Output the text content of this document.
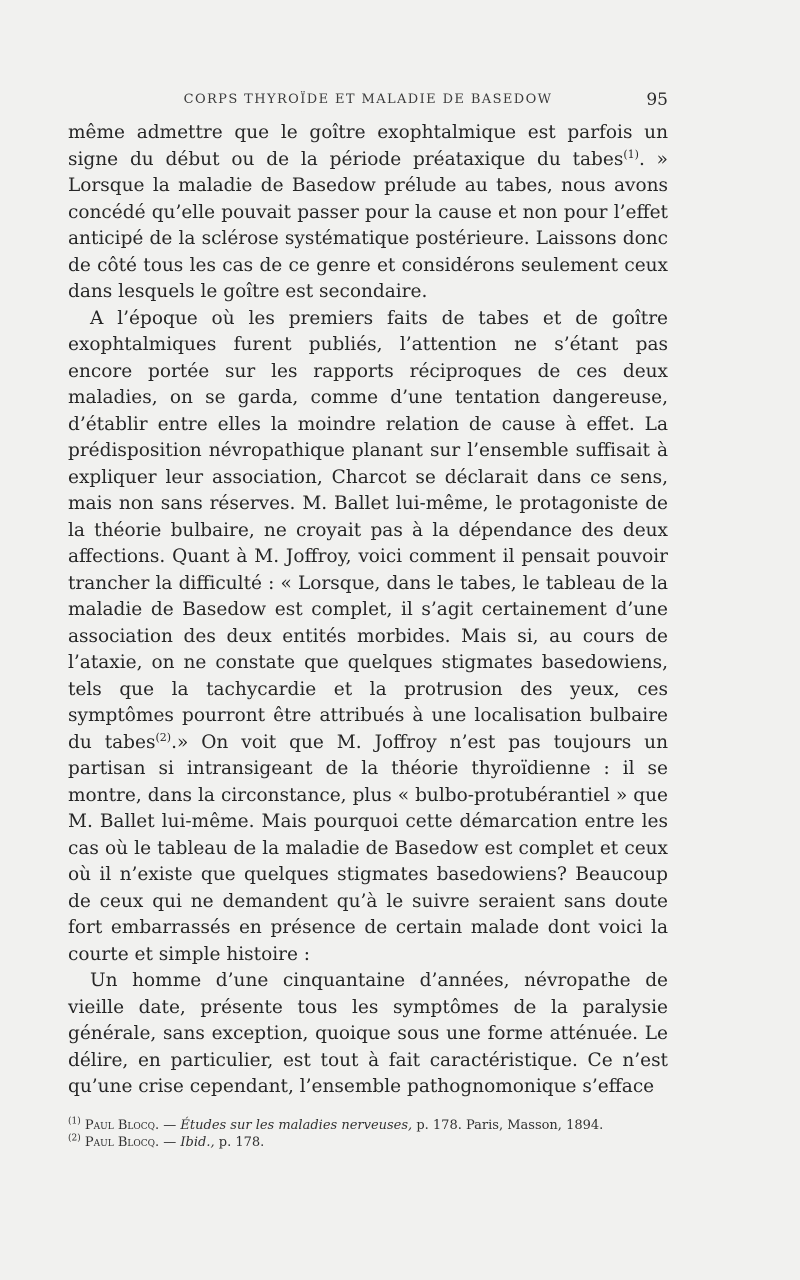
CORPS THYROÏDE ET MALADIE DE BASEDOW	95

même admettre que le goître exophtalmique est parfois un signe du début ou de la période préataxique du tabes$^{(1)}$. » Lorsque la maladie de Basedow prélude au tabes, nous avons concédé qu’elle pouvait passer pour la cause et non pour l’effet anticipé de la sclérose systématique postérieure. Laissons donc de côté tous les cas de ce genre et considérons seulement ceux dans lesquels le goître est secondaire.

A l’époque où les premiers faits de tabes et de goître exophtalmiques furent publiés, l’attention ne s’étant pas encore portée sur les rapports réciproques de ces deux maladies, on se garda, comme d’une tentation dangereuse, d’établir entre elles la moindre relation de cause à effet. La prédisposition névropathique planant sur l’ensemble suffisait à expliquer leur association, Charcot se déclarait dans ce sens, mais non sans réserves. M. Ballet lui-même, le protagoniste de la théorie bulbaire, ne croyait pas à la dépendance des deux affections. Quant à M. Joffroy, voici comment il pensait pouvoir trancher la difficulté : « Lorsque, dans le tabes, le tableau de la maladie de Basedow est complet, il s’agit certainement d’une association des deux entités morbides. Mais si, au cours de l’ataxie, on ne constate que quelques stigmates basedowiens, tels que la tachycardie et la protrusion des yeux, ces symptômes pourront être attribués à une localisation bulbaire du tabes$^{(2)}$.» On voit que M. Joffroy n’est pas toujours un partisan si intransigeant de la théorie thyroïdienne : il se montre, dans la circonstance, plus « bulbo-protubérantiel » que M. Ballet lui-même. Mais pourquoi cette démarcation entre les cas où le tableau de la maladie de Basedow est complet et ceux où il n’existe que quelques stigmates basedowiens? Beaucoup de ceux qui ne demandent qu’à le suivre seraient sans doute fort embarrassés en présence de certain malade dont voici la courte et simple histoire :

Un homme d’une cinquantaine d’années, névropathe de vieille date, présente tous les symptômes de la paralysie générale, sans exception, quoique sous une forme atténuée. Le délire, en particulier, est tout à fait caractéristique. Ce n’est qu’une crise cependant, l’ensemble pathognomonique s’efface

$^{(1)}$ Paul Blocq. — Études sur les maladies nerveuses, p. 178. Paris, Masson, 1894.

$^{(2)}$ Paul Blocq. — Ibid., p. 178.
